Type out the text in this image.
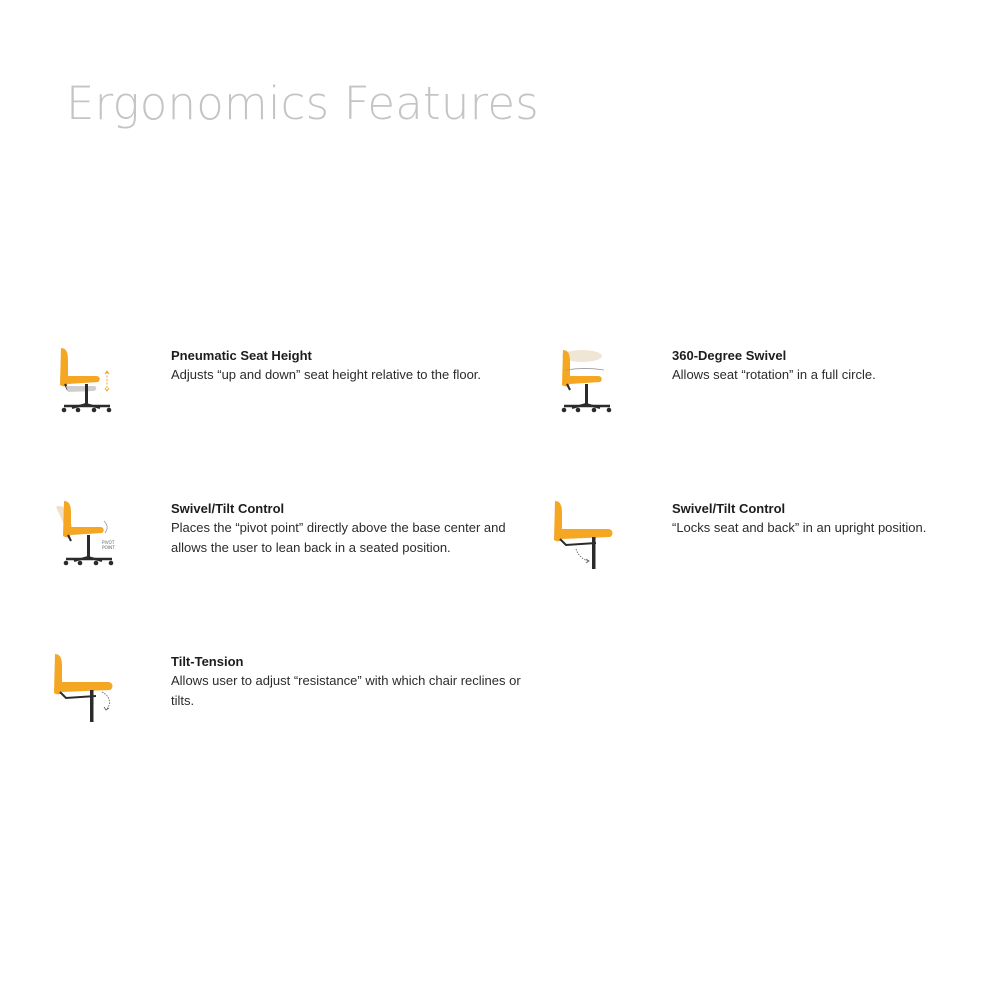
Ergonomics Features

Pneumatic Seat Height

Adjusts “up and down” seat height relative to the floor.

360-Degree Swivel

Allows seat “rotation” in a full circle.

PIVOT
POINT

Swivel/Tilt Control

Places the “pivot point” directly above the base center and allows the user to lean back in a seated position.

Swivel/Tilt Control

“Locks seat and back” in an upright position.

Tilt-Tension

Allows user to adjust “resistance” with which chair reclines or tilts.
